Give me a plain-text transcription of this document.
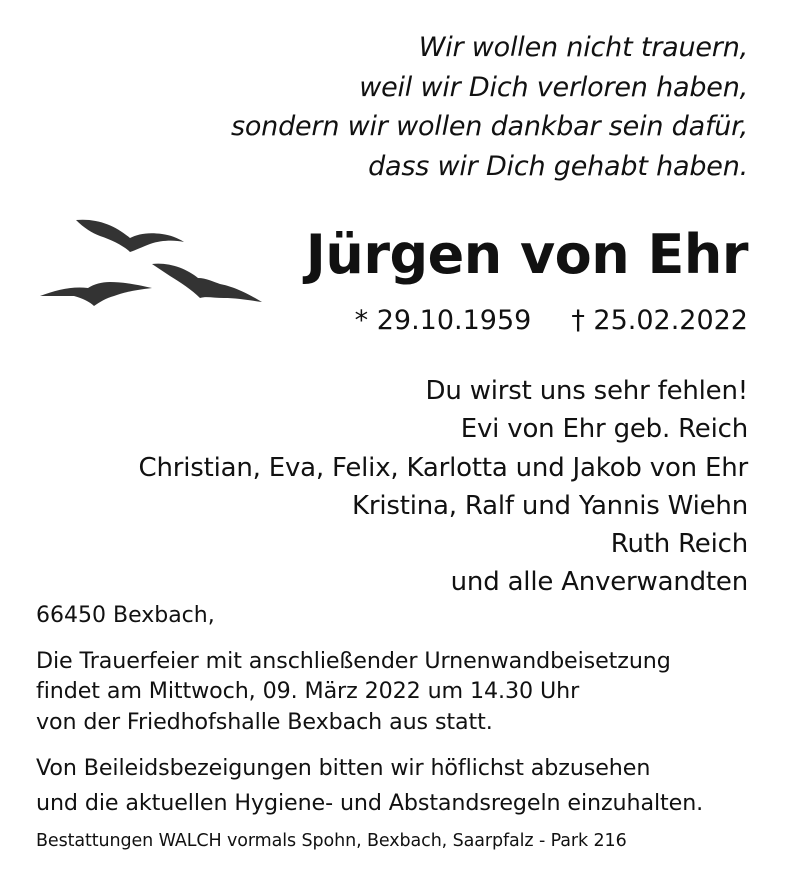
Wir wollen nicht trauern,
weil wir Dich verloren haben,
sondern wir wollen dankbar sein dafür,
dass wir Dich gehabt haben.
Jürgen von Ehr
* 29.10.1959 † 25.02.2022
Du wirst uns sehr fehlen!
Evi von Ehr geb. Reich
Christian, Eva, Felix, Karlotta und Jakob von Ehr
Kristina, Ralf und Yannis Wiehn
Ruth Reich
und alle Anverwandten
66450 Bexbach,
Die Trauerfeier mit anschließender Urnenwandbeisetzung
findet am Mittwoch, 09. März 2022 um 14.30 Uhr
von der Friedhofshalle Bexbach aus statt.
Von Beileidsbezeigungen bitten wir höflichst abzusehen
und die aktuellen Hygiene- und Abstandsregeln einzuhalten.
Bestattungen WALCH vormals Spohn, Bexbach, Saarpfalz - Park 216
